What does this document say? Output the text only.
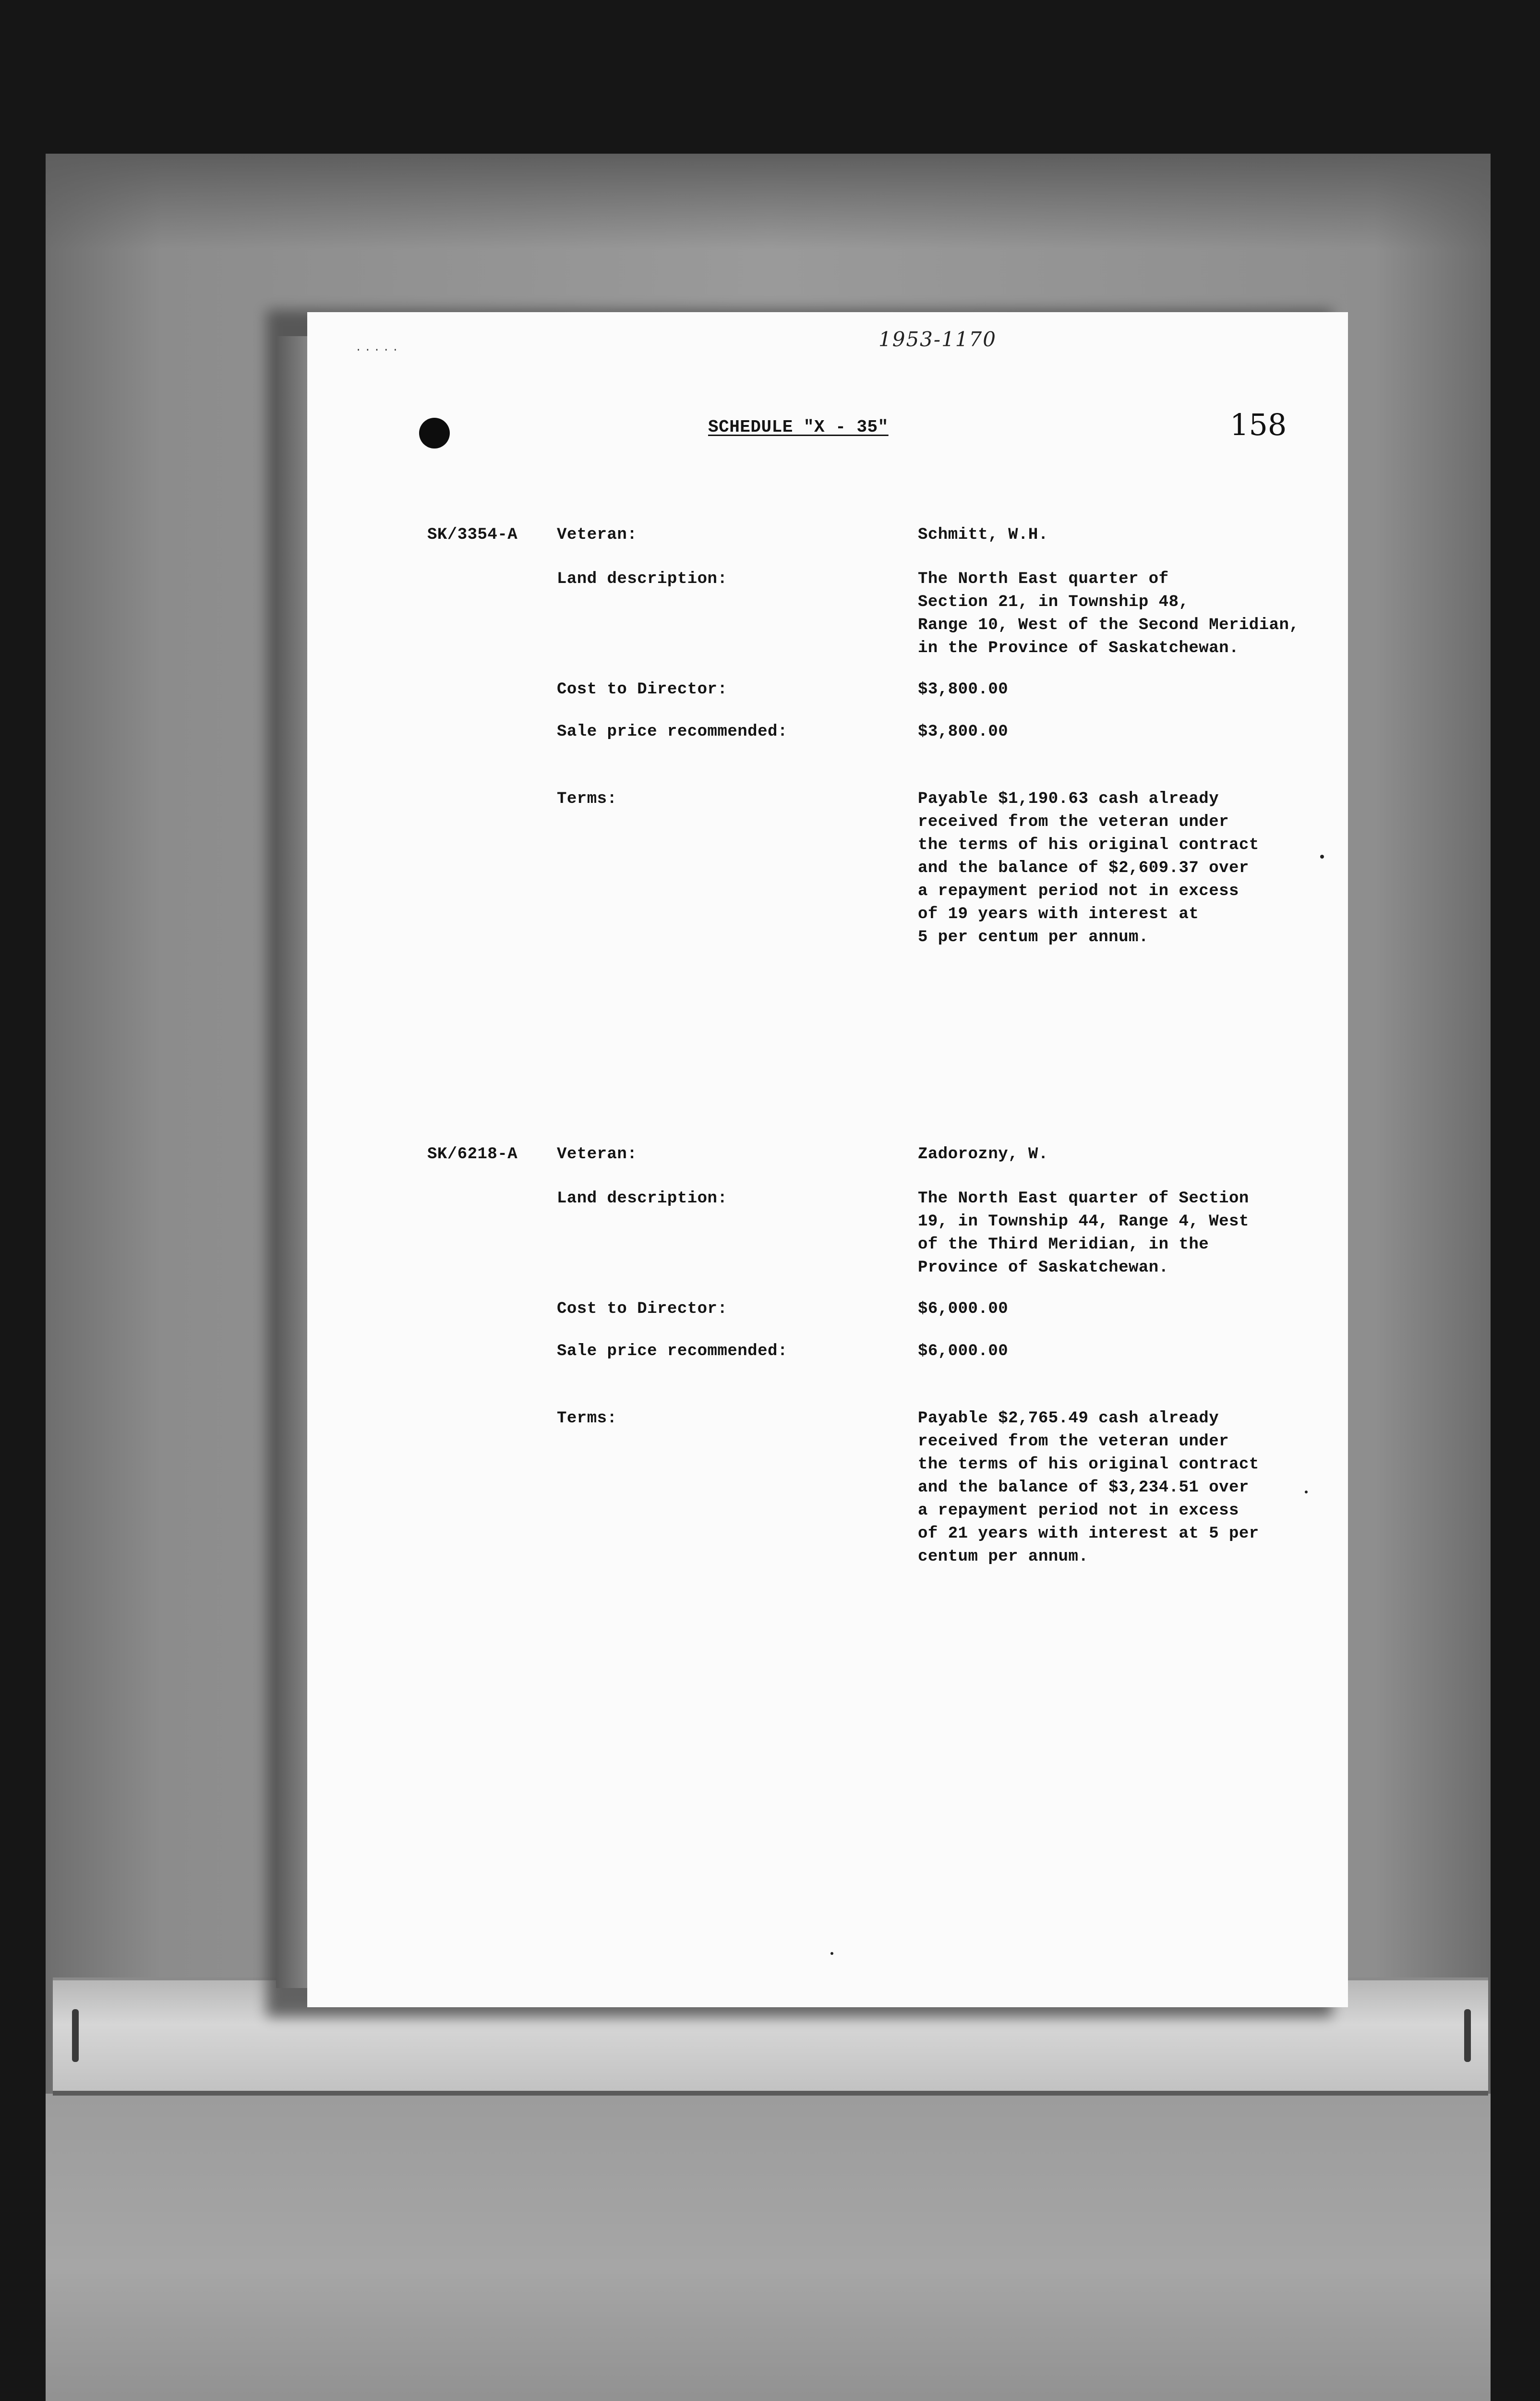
.....	1953-1170
SCHEDULE "X - 35"	158
SK/3354-A Veteran:	Schmitt, W.H.
Land description:	The North East quarter of
Section 21, in Township 48,
Range 10, West of the Second Meridian,
in the Province of Saskatchewan.
Cost to Director:	$3,800.00
Sale price recommended:	$3,800.00
Terms:	Payable $1,190.63 cash already
received from the veteran under
the terms of his original contract
and the balance of $2,609.37 over
a repayment period not in excess
of 19 years with interest at
5 per centum per annum.
SK/6218-A Veteran:	Zadorozny, W.
Land description:	The North East quarter of Section
19, in Township 44, Range 4, West
of the Third Meridian, in the
Province of Saskatchewan.
Cost to Director:	$6,000.00
Sale price recommended:	$6,000.00
Terms:	Payable $2,765.49 cash already
received from the veteran under
the terms of his original contract
and the balance of $3,234.51 over
a repayment period not in excess
of 21 years with interest at 5 per
centum per annum.
